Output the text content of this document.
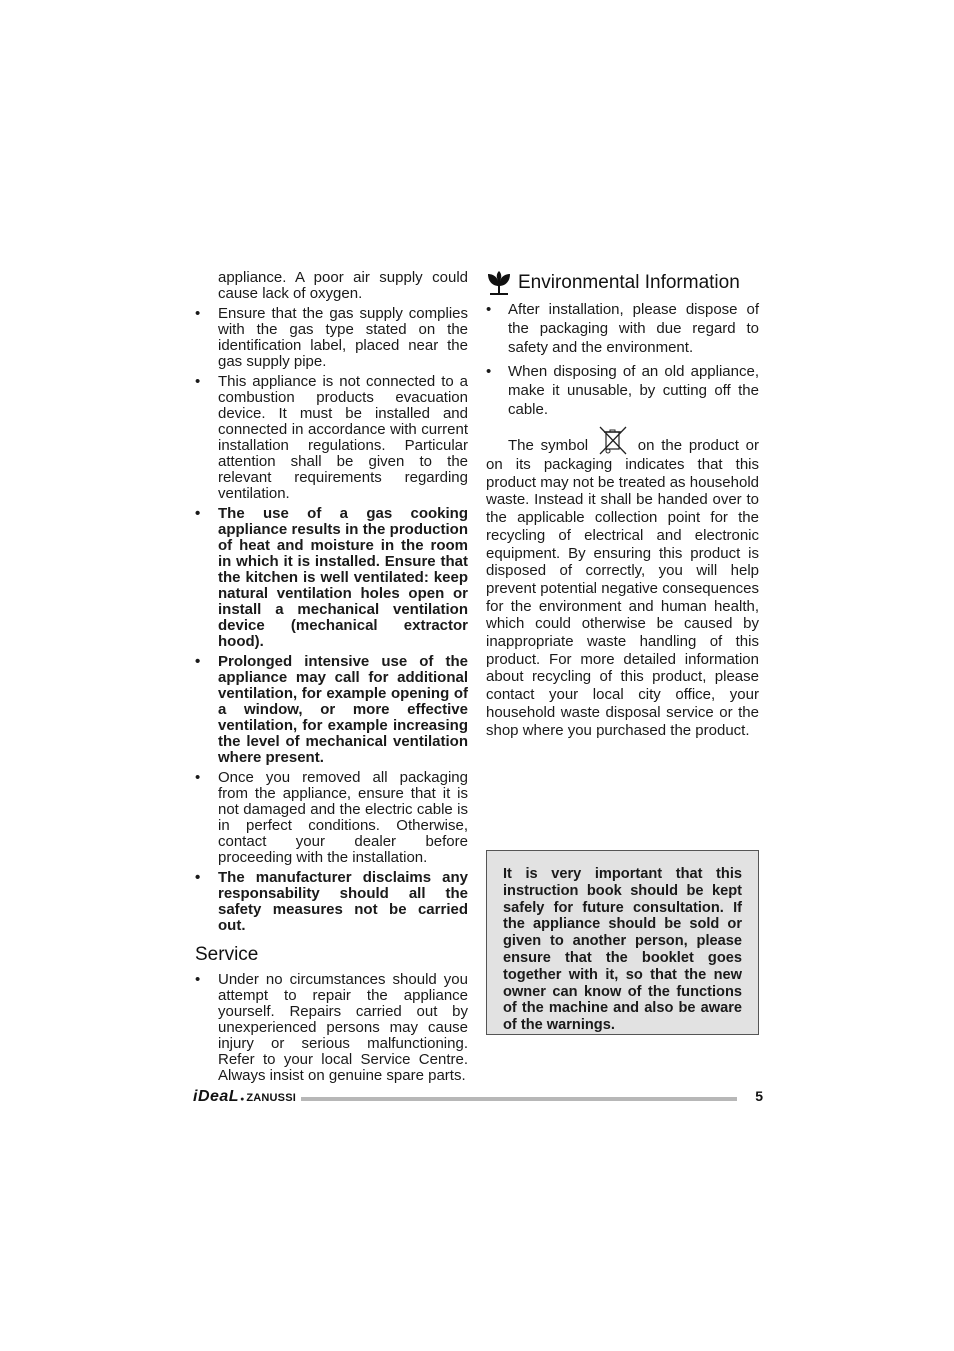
appliance. A poor air supply could cause lack of oxygen.
• Ensure that the gas supply complies with the gas type stated on the identification label, placed near the gas supply pipe.
• This appliance is not connected to a combustion products evacuation device. It must be installed and connected in accordance with current installation regulations. Particular attention shall be given to the relevant requirements regarding ventilation.
• The use of a gas cooking appliance results in the production of heat and moisture in the room in which it is installed. Ensure that the kitchen is well ventilated: keep natural ventilation holes open or install a mechanical ventilation device (mechanical extractor hood).
• Prolonged intensive use of the appliance may call for additional ventilation, for example opening of a window, or more effective ventilation, for example increasing the level of mechanical ventilation where present.
• Once you removed all packaging from the appliance, ensure that it is not damaged and the electric cable is in perfect conditions. Otherwise, contact your dealer before proceeding with the installation.
• The manufacturer disclaims any responsability should all the safety measures not be carried out.
Service
• Under no circumstances should you attempt to repair the appliance yourself. Repairs carried out by unexperienced persons may cause injury or serious malfunctioning. Refer to your local Service Centre. Always insist on genuine spare parts.
Environmental Information
• After installation, please dispose of the packaging with due regard to safety and the environment.
• When disposing of an old appliance, make it unusable, by cutting off the cable.

The symbol	on the product or on its packaging indicates that this product may not be treated as household waste. Instead it shall be handed over to the applicable collection point for the recycling of electrical and electronic equipment. By ensuring this product is disposed of correctly, you will help prevent potential negative consequences for the environment and human health, which could otherwise be caused by inappropriate waste handling of this product. For more detailed information about recycling of this product, please contact your local city office, your household waste disposal service or the shop where you purchased the product.

It is very important that this instruction book should be kept safely for future consultation. If the appliance should be sold or given to another person, please ensure that the booklet goes together with it, so that the new owner can know of the functions of the machine and also be aware of the warnings.
iDeaL ● ZANUSSI	5
